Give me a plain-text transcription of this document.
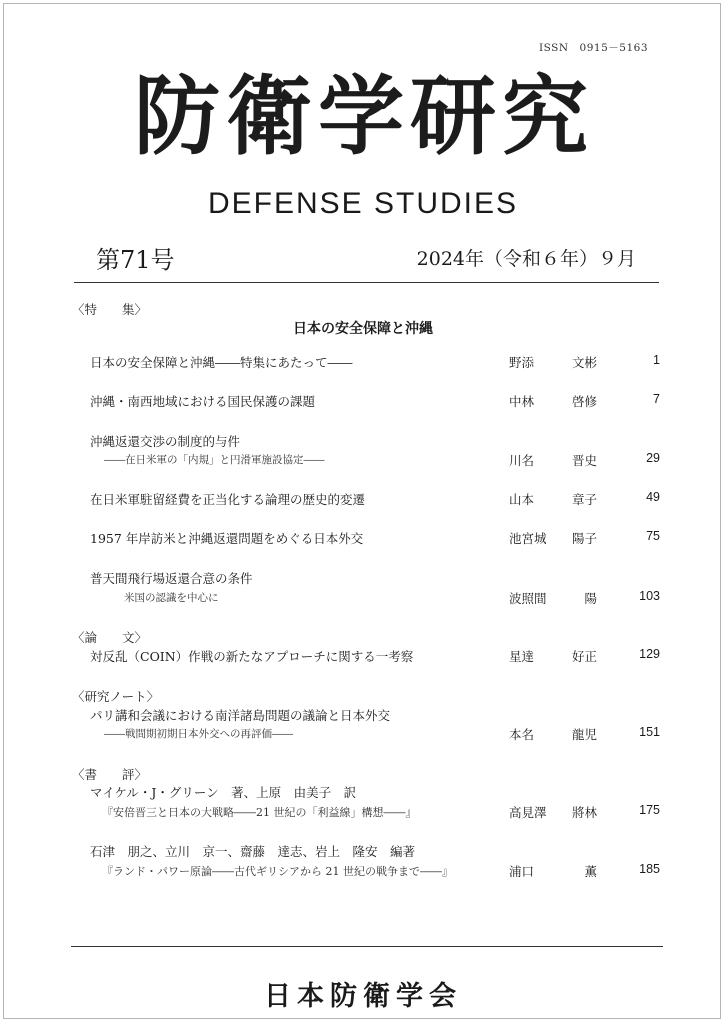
ISSN　0915－5163
防衛学研究
DEFENSE STUDIES
第71号	2024年（令和６年）９月
〈特　　集〉
日本の安全保障と沖縄
日本の安全保障と沖縄――特集にあたって――	野添	文彬	1
沖縄・南西地域における国民保護の課題	中林	啓修	7
沖縄返還交渉の制度的与件
――在日米軍の「内規」と円滑軍施設協定――	川名	晋史	29
在日米軍駐留経費を正当化する論理の歴史的変遷	山本	章子	49
1957 年岸訪米と沖縄返還問題をめぐる日本外交	池宮城 陽子	75
普天間飛行場返還合意の条件
米国の認識を中心に	波照間	陽	103
〈論　　文〉
対反乱（COIN）作戦の新たなアプローチに関する一考察	星達	好正	129
〈研究ノート〉
パリ講和会議における南洋諸島問題の議論と日本外交
――戦間期初期日本外交への再評価――	本名	龍児	151
〈書　　評〉
マイケル・J・グリーン　著、上原　由美子　訳
『安倍晋三と日本の大戦略――21 世紀の「利益線」構想――』	高見澤 將林	175
石津　朋之、立川　京一、齋藤　達志、岩上　隆安　編著
『ランド・パワー原論――古代ギリシアから 21 世紀の戦争まで――』	浦口	薫	185
日本防衛学会
